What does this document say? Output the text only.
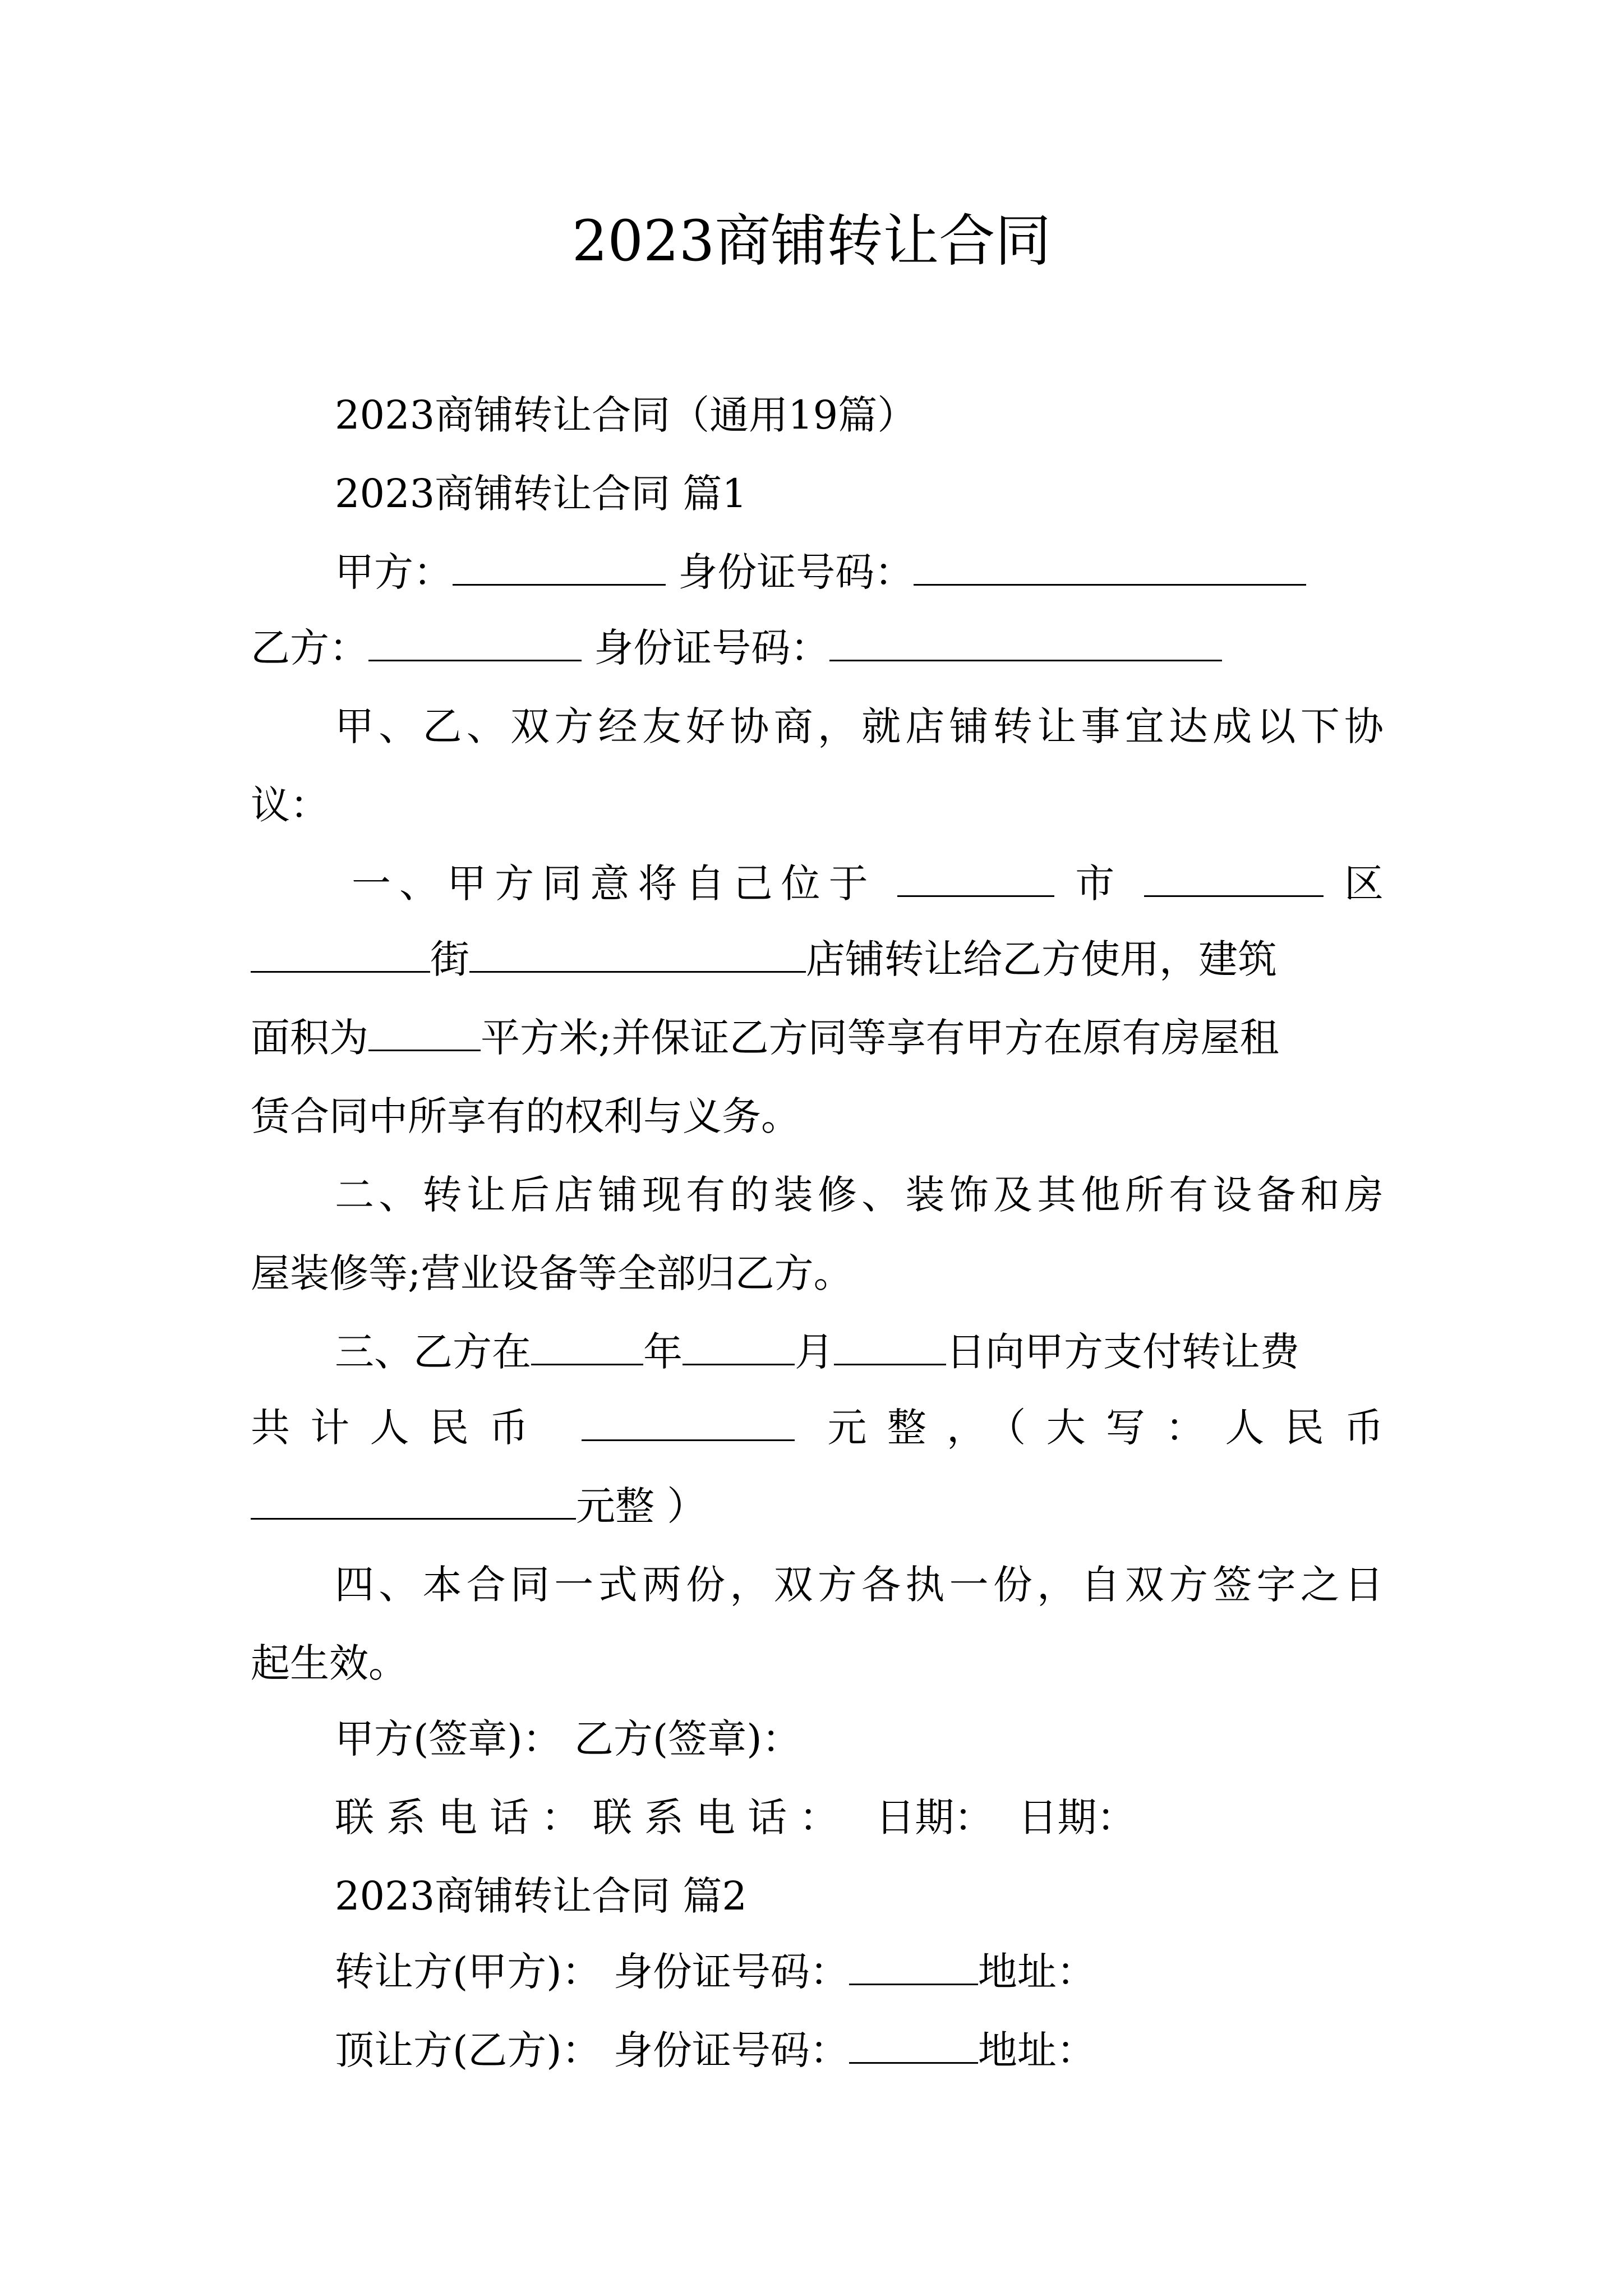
2023商铺转让合同

2023商铺转让合同（通用19篇）

2023商铺转让合同 篇1

甲方：	身份证号码：

乙方：	身份证号码：

甲、乙、双方经友好协商，就店铺转让事宜达成以下协

议：

一、甲方同意将自己位于	市	区

街	店铺转让给乙方使用，建筑

面积为	平方米;并保证乙方同等享有甲方在原有房屋租

赁合同中所享有的权利与义务。

二、转让后店铺现有的装修、装饰及其他所有设备和房

屋装修等;营业设备等全部归乙方。

三、乙方在	年	月	日向甲方支付转让费

共计人民币	元整，（大写：人民币

元整 ）

四、本合同一式两份，双方各执一份，自双方签字之日

起生效。

甲方(签章)： 乙方(签章)：

联系电话：联系电话： 日期： 日期：

2023商铺转让合同 篇2

转让方(甲方)： 身份证号码：	地址：

顶让方(乙方)： 身份证号码：	地址：
